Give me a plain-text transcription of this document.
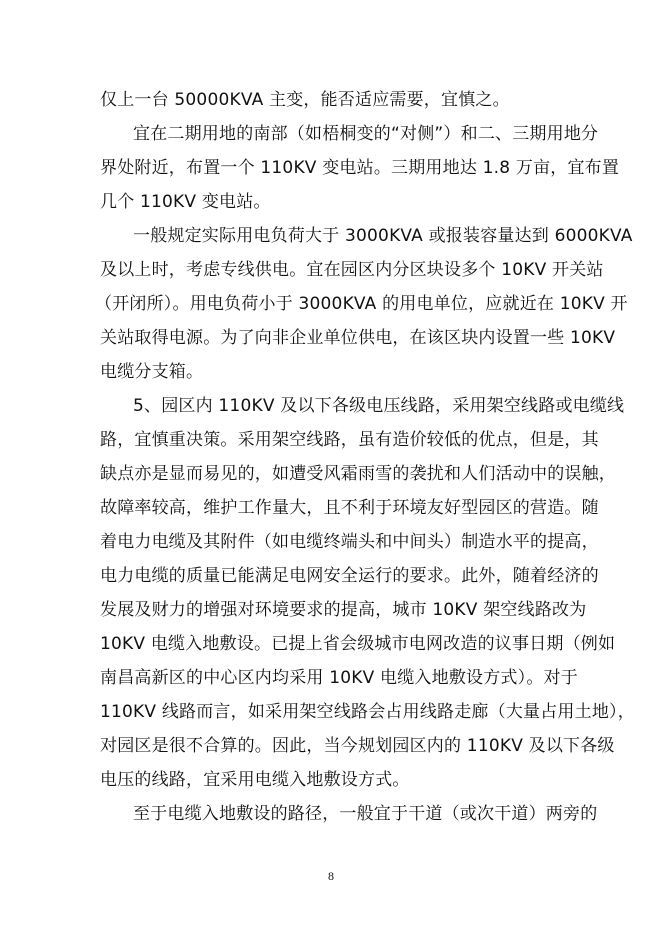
仅上一台 50000KVA 主变，能否适应需要，宜慎之。
宜在二期用地的南部（如梧桐变的“对侧”）和二、三期用地分
界处附近，布置一个 110KV 变电站。三期用地达 1.8 万亩，宜布置
几个 110KV 变电站。
一般规定实际用电负荷大于 3000KVA 或报装容量达到 6000KVA
及以上时，考虑专线供电。宜在园区内分区块设多个 10KV 开关站
（开闭所）。用电负荷小于 3000KVA 的用电单位，应就近在 10KV 开
关站取得电源。为了向非企业单位供电，在该区块内设置一些 10KV
电缆分支箱。
5、园区内 110KV 及以下各级电压线路，采用架空线路或电缆线
路，宜慎重决策。采用架空线路，虽有造价较低的优点，但是，其
缺点亦是显而易见的，如遭受风霜雨雪的袭扰和人们活动中的误触，
故障率较高，维护工作量大，且不利于环境友好型园区的营造。随
着电力电缆及其附件（如电缆终端头和中间头）制造水平的提高，
电力电缆的质量已能满足电网安全运行的要求。此外，随着经济的
发展及财力的增强对环境要求的提高，城市 10KV 架空线路改为
10KV 电缆入地敷设。已提上省会级城市电网改造的议事日期（例如
南昌高新区的中心区内均采用 10KV 电缆入地敷设方式）。对于
110KV 线路而言，如采用架空线路会占用线路走廊（大量占用土地），
对园区是很不合算的。因此，当今规划园区内的 110KV 及以下各级
电压的线路，宜采用电缆入地敷设方式。
至于电缆入地敷设的路径，一般宜于干道（或次干道）两旁的
8
